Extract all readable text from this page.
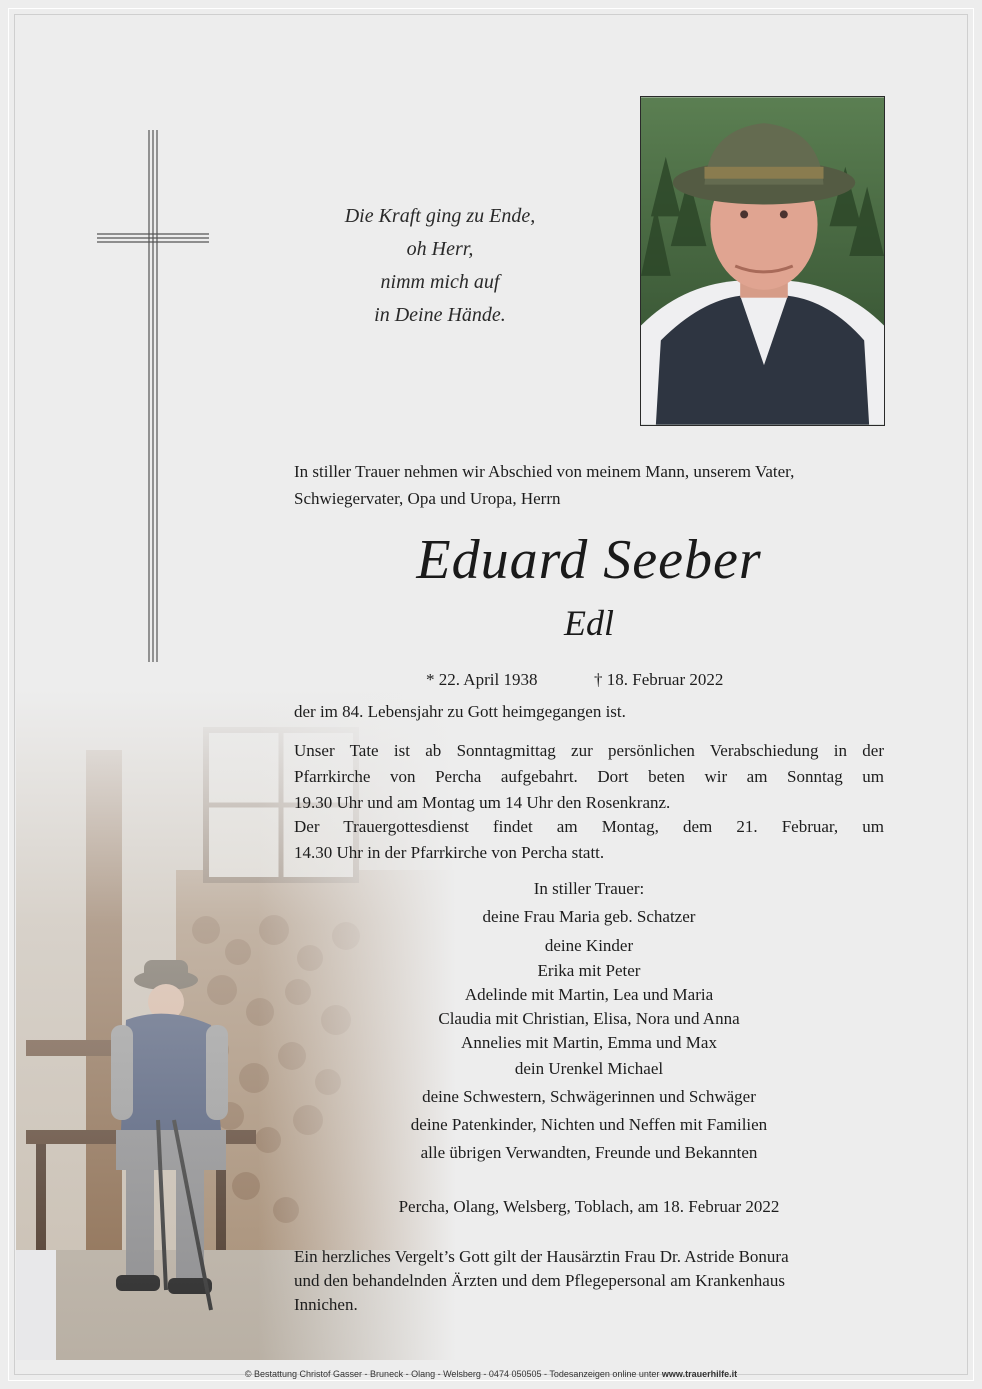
Die Kraft ging zu Ende,
oh Herr,
nimm mich auf
in Deine Hände.
In stiller Trauer nehmen wir Abschied von meinem Mann, unserem Vater,
Schwiegervater, Opa und Uropa, Herrn
Eduard Seeber
Edl
* 22. April 1938	† 18. Februar 2022
der im 84. Lebensjahr zu Gott heimgegangen ist.
Unser Tate ist ab Sonntagmittag zur persönlichen Verabschiedung in der
Pfarrkirche von Percha aufgebahrt. Dort beten wir am Sonntag um
19.30 Uhr und am Montag um 14 Uhr den Rosenkranz.
Der Trauergottesdienst findet am Montag, dem 21. Februar, um
14.30 Uhr in der Pfarrkirche von Percha statt.
In stiller Trauer:
deine Frau Maria geb. Schatzer
deine Kinder
Erika mit Peter
Adelinde mit Martin, Lea und Maria
Claudia mit Christian, Elisa, Nora und Anna
Annelies mit Martin, Emma und Max
dein Urenkel Michael
deine Schwestern, Schwägerinnen und Schwäger
deine Patenkinder, Nichten und Neffen mit Familien
alle übrigen Verwandten, Freunde und Bekannten
Percha, Olang, Welsberg, Toblach, am 18. Februar 2022
Ein herzliches Vergelt’s Gott gilt der Hausärztin Frau Dr. Astride Bonura
und den behandelnden Ärzten und dem Pflegepersonal am Krankenhaus
Innichen.
© Bestattung Christof Gasser - Bruneck - Olang - Welsberg - 0474 050505 - Todesanzeigen online unter www.trauerhilfe.it
